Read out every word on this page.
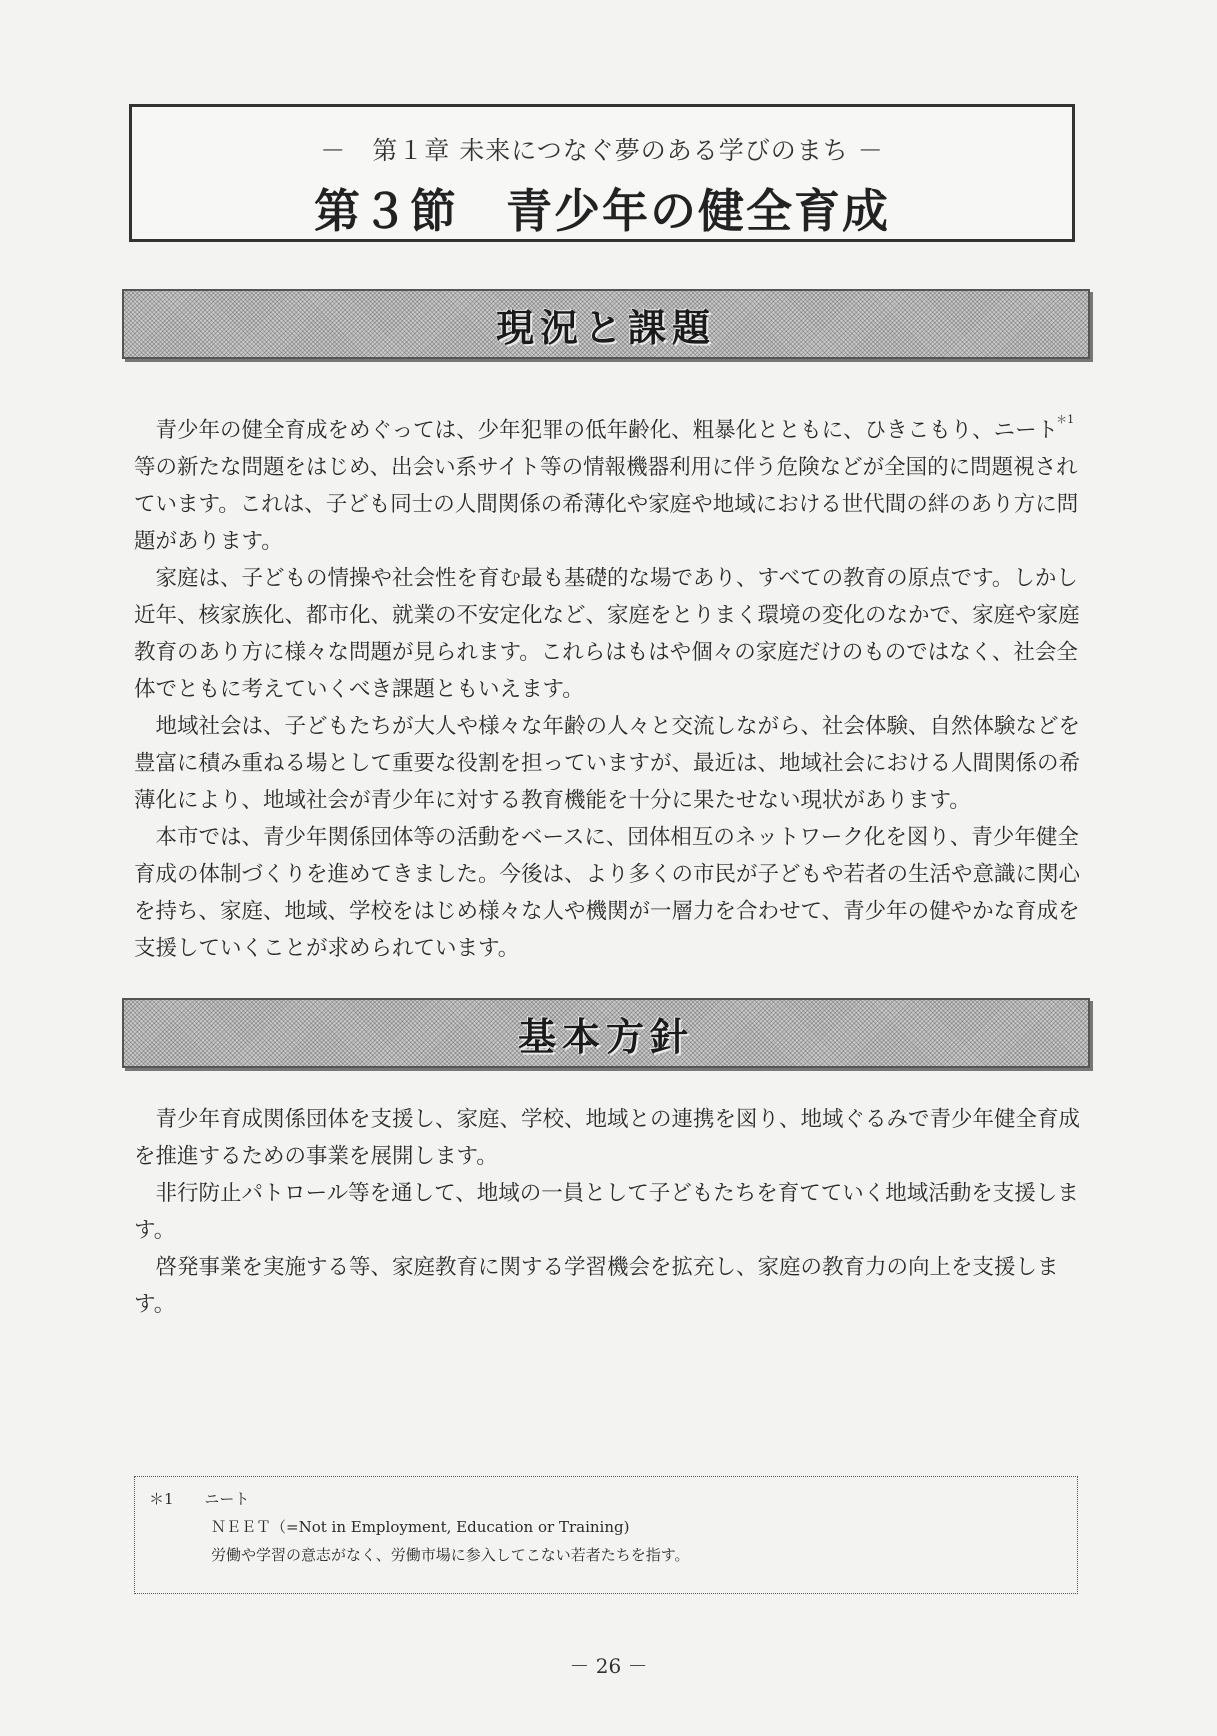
－　第１章 未来につなぐ夢のある学びのまち －
第３節　青少年の健全育成
現況と課題

青少年の健全育成をめぐっては、少年犯罪の低年齢化、粗暴化とともに、ひきこもり、ニート$^{*1}$等の新たな問題をはじめ、出会い系サイト等の情報機器利用に伴う危険などが全国的に問題視されています。これは、子ども同士の人間関係の希薄化や家庭や地域における世代間の絆のあり方に問題があります。

家庭は、子どもの情操や社会性を育む最も基礎的な場であり、すべての教育の原点です。しかし近年、核家族化、都市化、就業の不安定化など、家庭をとりまく環境の変化のなかで、家庭や家庭教育のあり方に様々な問題が見られます。これらはもはや個々の家庭だけのものではなく、社会全体でともに考えていくべき課題ともいえます。

地域社会は、子どもたちが大人や様々な年齢の人々と交流しながら、社会体験、自然体験などを豊富に積み重ねる場として重要な役割を担っていますが、最近は、地域社会における人間関係の希薄化により、地域社会が青少年に対する教育機能を十分に果たせない現状があります。

本市では、青少年関係団体等の活動をベースに、団体相互のネットワーク化を図り、青少年健全育成の体制づくりを進めてきました。今後は、より多くの市民が子どもや若者の生活や意識に関心を持ち、家庭、地域、学校をはじめ様々な人や機関が一層力を合わせて、青少年の健やかな育成を支援していくことが求められています。

基本方針

青少年育成関係団体を支援し、家庭、学校、地域との連携を図り、地域ぐるみで青少年健全育成を推進するための事業を展開します。

非行防止パトロール等を通して、地域の一員として子どもたちを育てていく地域活動を支援します。

啓発事業を実施する等、家庭教育に関する学習機会を拡充し、家庭の教育力の向上を支援します。

＊1 ニート
ＮＥＥＴ（=Not in Employment, Education or Training)
労働や学習の意志がなく、労働市場に参入してこない若者たちを指す。
－ 26 －
